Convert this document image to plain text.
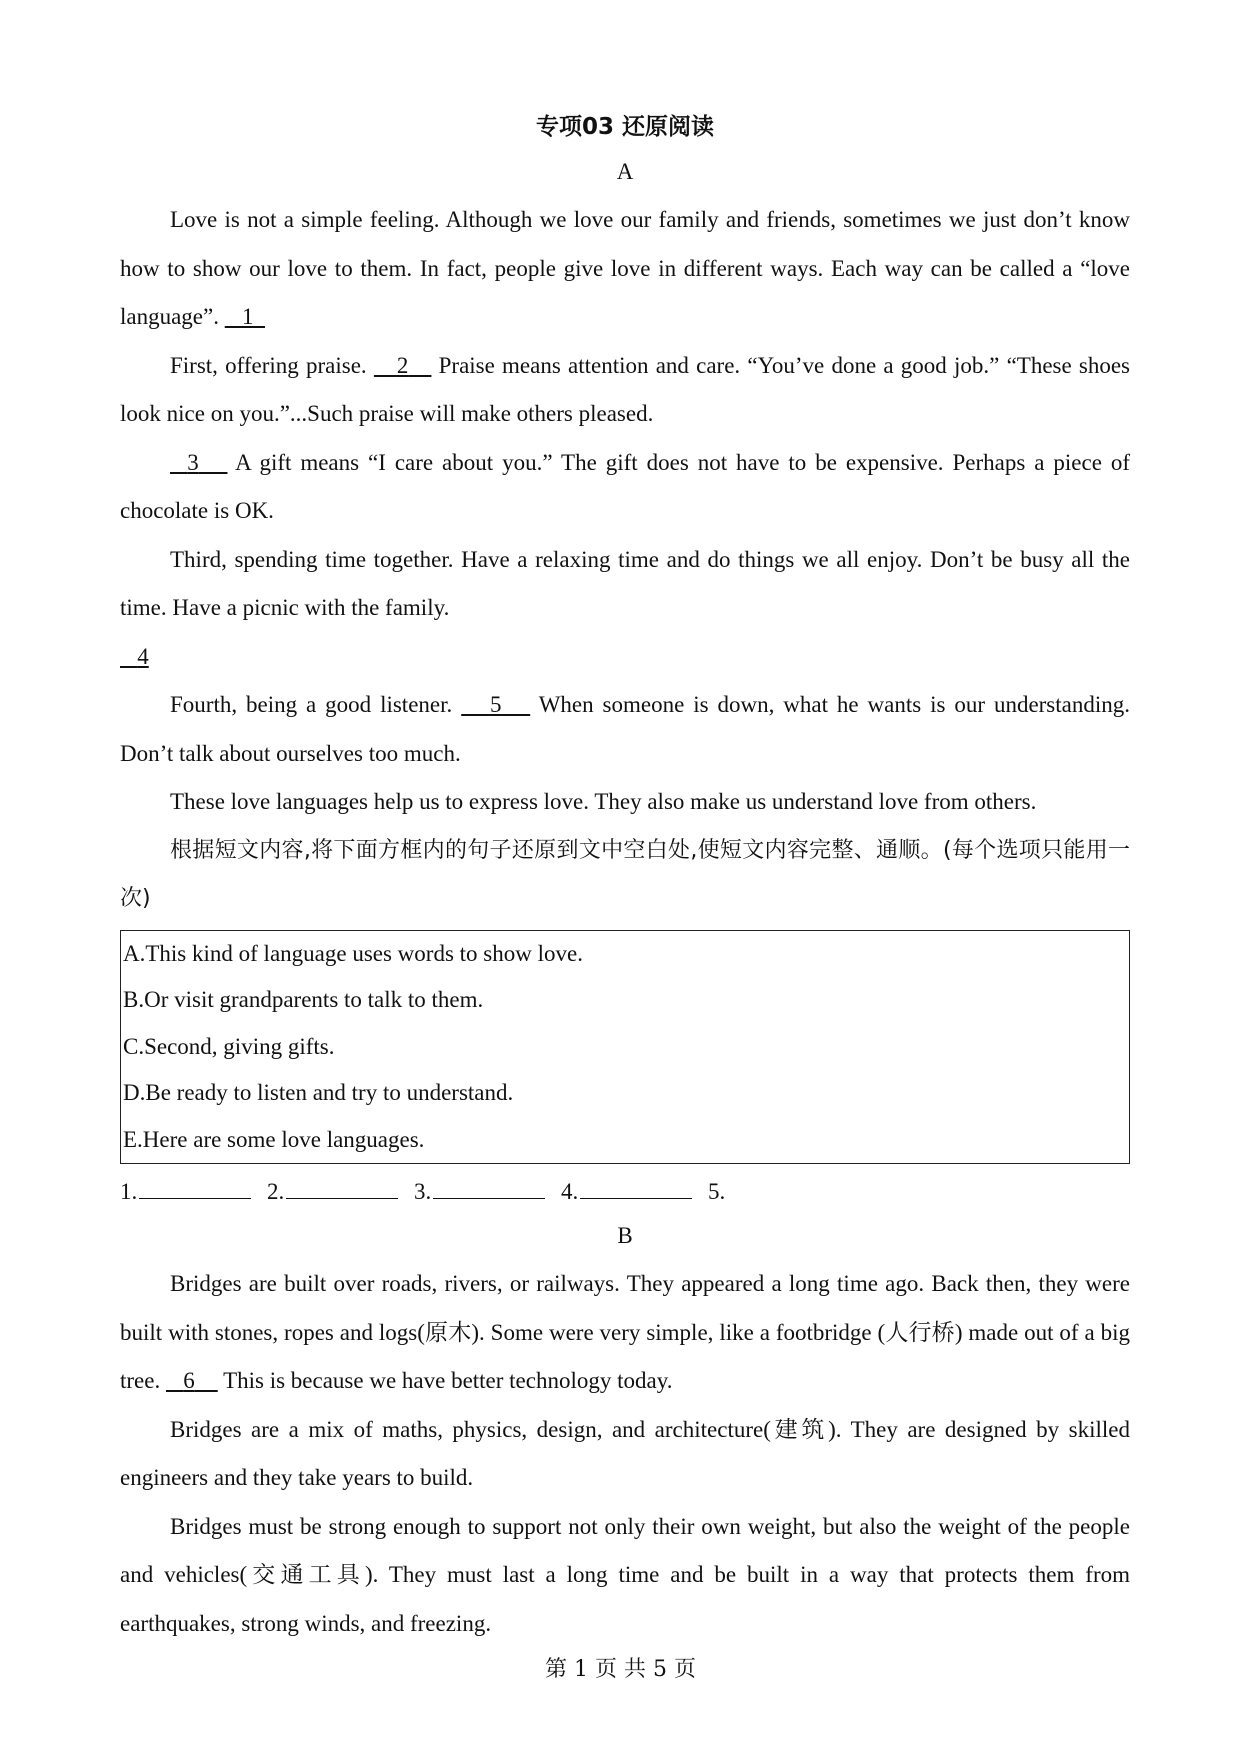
专项03 还原阅读
A

Love is not a simple feeling. Although we love our family and friends, sometimes we just don’t know how to show our love to them. In fact, people give love in different ways. Each way can be called a “love language”. 1

First, offering praise. 2 Praise means attention and care. “You’ve done a good job.” “These shoes look nice on you.”...Such praise will make others pleased.

3 A gift means “I care about you.” The gift does not have to be expensive. Perhaps a piece of chocolate is OK.

Third, spending time together. Have a relaxing time and do things we all enjoy. Don’t be busy all the time. Have a picnic with the family.

4

Fourth, being a good listener. 5 When someone is down, what he wants is our understanding. Don’t talk about ourselves too much.

These love languages help us to express love. They also make us understand love from others.

根据短文内容,将下面方框内的句子还原到文中空白处,使短文内容完整、通顺。(每个选项只能用一次)

A.This kind of language uses words to show love.
B.Or visit grandparents to talk to them.
C.Second, giving gifts.
D.Be ready to listen and try to understand.
E.Here are some love languages.
1.	2.	3.	4.	5.
B

Bridges are built over roads, rivers, or railways. They appeared a long time ago. Back then, they were built with stones, ropes and logs(原木). Some were very simple, like a footbridge (人行桥) made out of a big tree. 6 This is because we have better technology today.

Bridges are a mix of maths, physics, design, and architecture(建筑). They are designed by skilled engineers and they take years to build.

Bridges must be strong enough to support not only their own weight, but also the weight of the people and vehicles(交通工具). They must last a long time and be built in a way that protects them from earthquakes, strong winds, and freezing.

第 1 页 共 5 页
